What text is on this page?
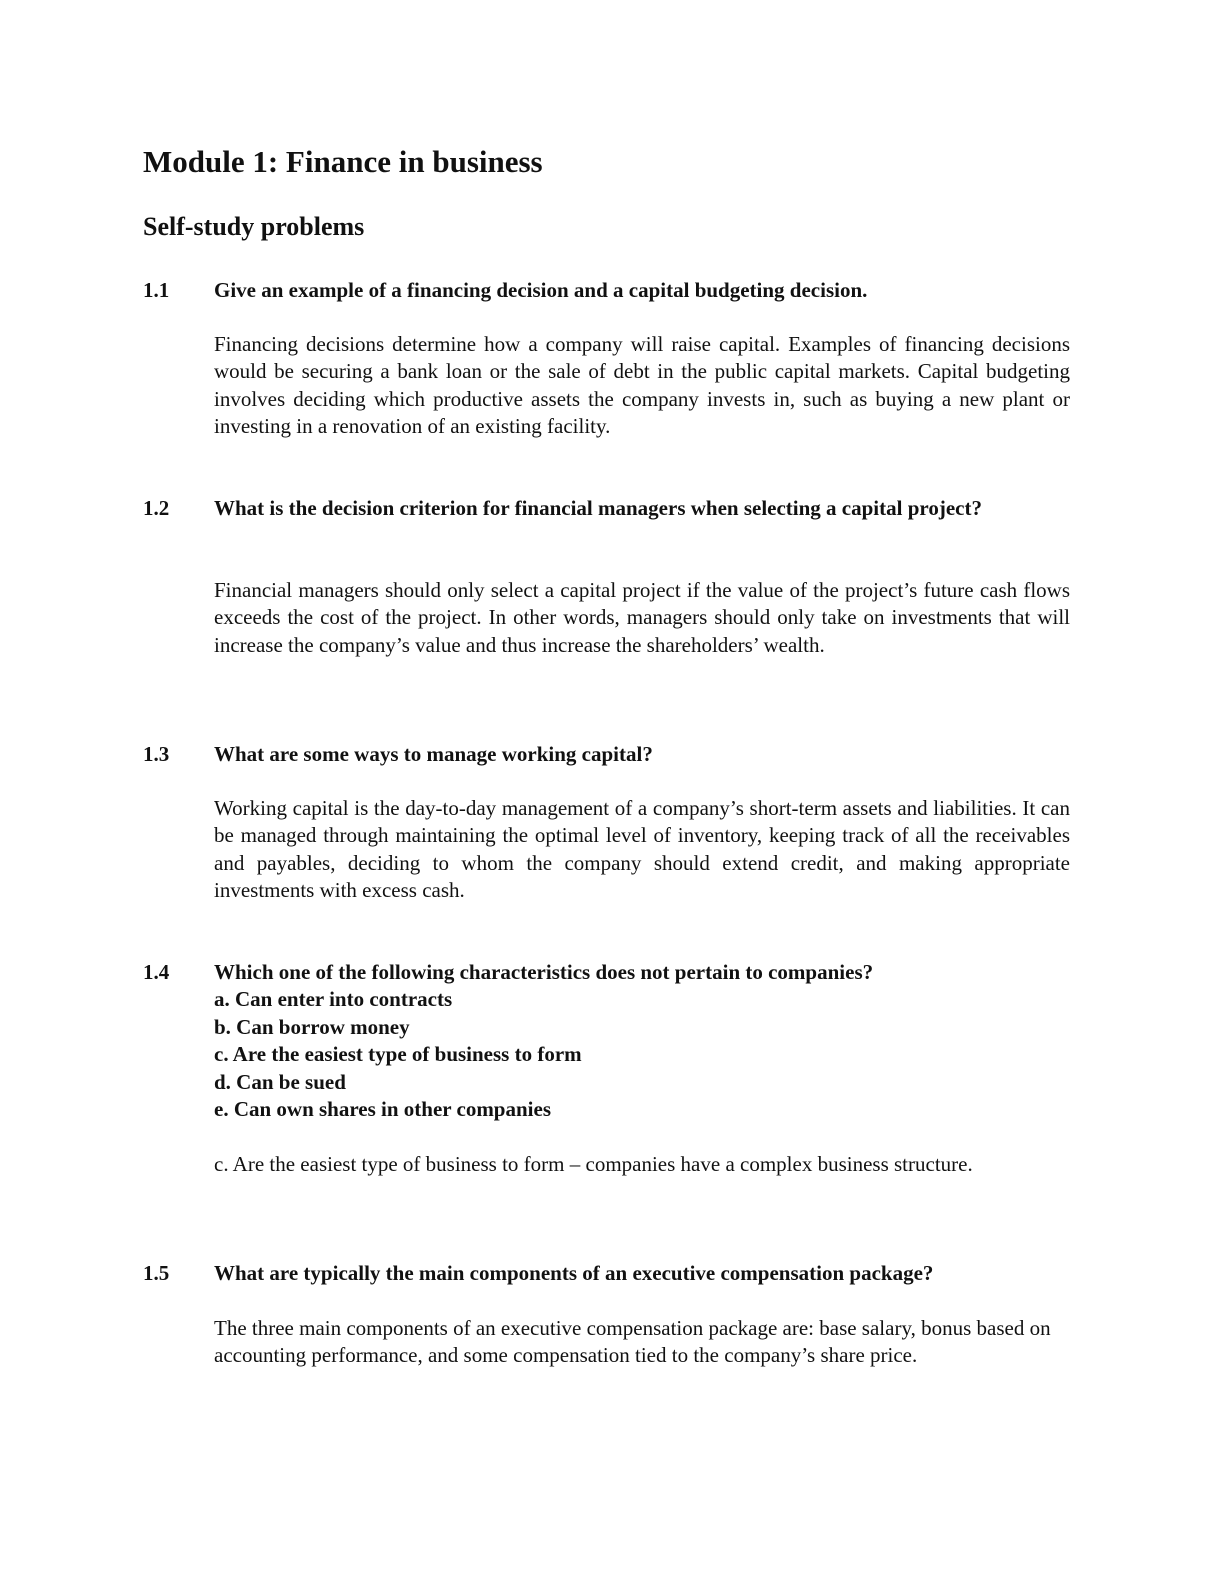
Module 1: Finance in business
Self-study problems
1.1 Give an example of a financing decision and a capital budgeting decision.
Financing decisions determine how a company will raise capital. Examples of financing decisions would be securing a bank loan or the sale of debt in the public capital markets. Capital budgeting involves deciding which productive assets the company invests in, such as buying a new plant or investing in a renovation of an existing facility.
1.2 What is the decision criterion for financial managers when selecting a capital project?
Financial managers should only select a capital project if the value of the project’s future cash flows exceeds the cost of the project. In other words, managers should only take on investments that will increase the company’s value and thus increase the shareholders’ wealth.
1.3 What are some ways to manage working capital?
Working capital is the day-to-day management of a company’s short-term assets and liabilities. It can be managed through maintaining the optimal level of inventory, keeping track of all the receivables and payables, deciding to whom the company should extend credit, and making appropriate investments with excess cash.
1.4 Which one of the following characteristics does not pertain to companies?
a. Can enter into contracts
b. Can borrow money
c. Are the easiest type of business to form
d. Can be sued
e. Can own shares in other companies
c. Are the easiest type of business to form – companies have a complex business structure.
1.5 What are typically the main components of an executive compensation package?
The three main components of an executive compensation package are: base salary, bonus based on accounting performance, and some compensation tied to the company’s share price.
